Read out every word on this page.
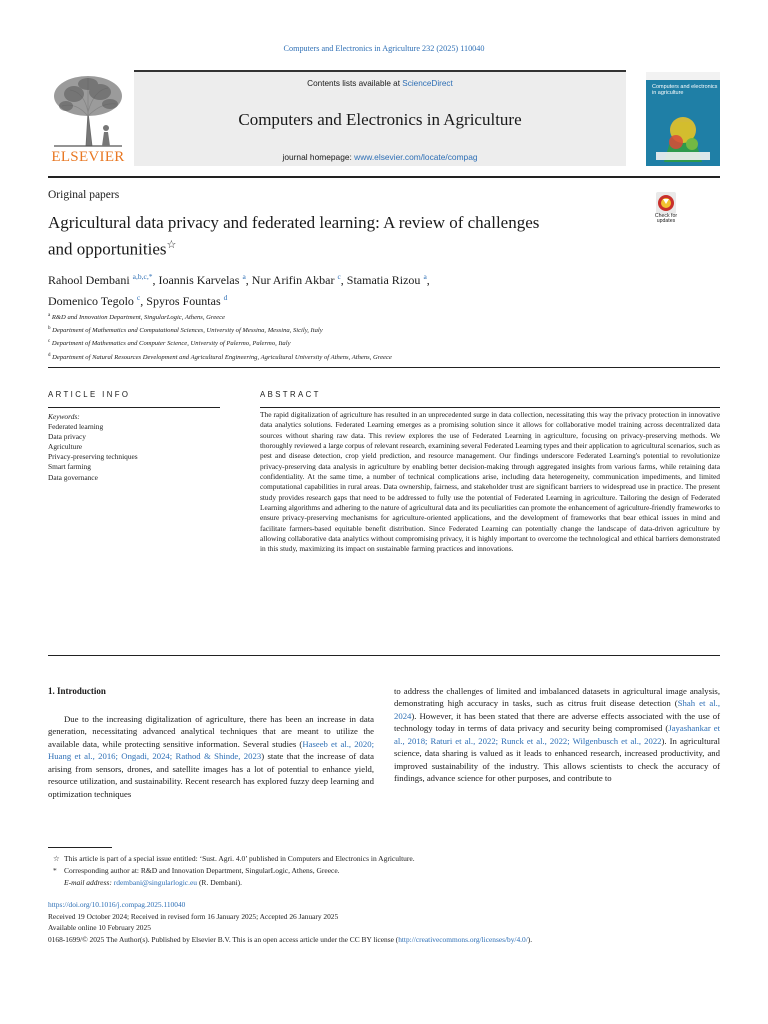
Computers and Electronics in Agriculture 232 (2025) 110040
ELSEVIER
Contents lists available at ScienceDirect
Computers and Electronics in Agriculture
journal homepage: www.elsevier.com/locate/compag
Computers and electronics in agriculture
Original papers
Agricultural data privacy and federated learning: A review of challenges
and opportunities☆
Check for updates
Rahool Dembani $^{a,b,c,*}$, Ioannis Karvelas $^a$, Nur Arifin Akbar $^c$, Stamatia Rizou $^a$,
Domenico Tegolo $^c$, Spyros Fountas $^d$
$^a$ R&D and Innovation Department, SingularLogic, Athens, Greece
$^b$ Department of Mathematics and Computational Sciences, University of Messina, Messina, Sicily, Italy
$^c$ Department of Mathematics and Computer Science, University of Palermo, Palermo, Italy
$^d$ Department of Natural Resources Development and Agricultural Engineering, Agricultural University of Athens, Athens, Greece
ARTICLE INFO	ABSTRACT
Keywords:
Federated learning
Data privacy
Agriculture
Privacy-preserving techniques
Smart farming
Data governance
The rapid digitalization of agriculture has resulted in an unprecedented surge in data collection, necessitating this way the privacy protection in innovative data analytics solutions. Federated Learning emerges as a promising solution since it allows for collaborative model training across decentralized data sources without sharing raw data. This review explores the use of Federated Learning in agriculture, focusing on privacy-preserving methods. We thoroughly reviewed a large corpus of relevant research, examining several Federated Learning types and their application to agricultural scenarios, such as pest and disease detection, crop yield prediction, and resource management. Our findings underscore Federated Learning's potential to revolutionize privacy-preserving data analysis in agriculture by enabling better decision-making through aggregated insights from various farms, while retaining data confidentiality. At the same time, a number of technical complications arise, including data heterogeneity, communication impediments, and limited computational capabilities in rural areas. Data ownership, fairness, and stakeholder trust are significant barriers to widespread use in practice. The present study provides research gaps that need to be addressed to fully use the potential of Federated Learning in agriculture. Tailoring the design of Federated Learning algorithms and adhering to the nature of agricultural data and its peculiarities can promote the enhancement of agriculture-friendly frameworks to ensure privacy-preserving mechanisms for agriculture-oriented applications, and the development of frameworks that bear ethical issues in mind and facilitate farmers-based equitable benefit distribution. Since Federated Learning can potentially change the landscape of data-driven agriculture by allowing collaborative data analytics without compromising privacy, it is highly important to overcome the technological and ethical barriers demonstrated in this study, maximizing its impact on sustainable farming practices and innovations.
1. Introduction
Due to the increasing digitalization of agriculture, there has been an increase in data generation, necessitating advanced analytical techniques that are meant to utilize the available data, while protecting sensitive information. Several studies (Haseeb et al., 2020; Huang et al., 2016; Ongadi, 2024; Rathod & Shinde, 2023) state that the increase of data arising from sensors, drones, and satellite images has a lot of potential to enhance yield, resource utilization, and sustainability. Recent research has explored fuzzy deep learning and optimization techniques
to address the challenges of limited and imbalanced datasets in agricultural image analysis, demonstrating high accuracy in tasks, such as citrus fruit disease detection (Shah et al., 2024). However, it has been stated that there are adverse effects associated with the use of technology today in terms of data privacy and security being compromised (Jayashankar et al., 2018; Raturi et al., 2022; Runck et al., 2022; Wilgenbusch et al., 2022). In agricultural science, data sharing is valued as it leads to enhanced research, increased productivity, and improved sustainability of the industry. This allows scientists to check the accuracy of findings, advance science for other purposes, and contribute to
☆ This article is part of a special issue entitled: ‘Sust. Agri. 4.0’ published in Computers and Electronics in Agriculture.
* Corresponding author at: R&D and Innovation Department, SingularLogic, Athens, Greece.
E-mail address: rdembani@singularlogic.eu (R. Dembani).
https://doi.org/10.1016/j.compag.2025.110040
Received 19 October 2024; Received in revised form 16 January 2025; Accepted 26 January 2025
Available online 10 February 2025
0168-1699/© 2025 The Author(s). Published by Elsevier B.V. This is an open access article under the CC BY license (http://creativecommons.org/licenses/by/4.0/).
